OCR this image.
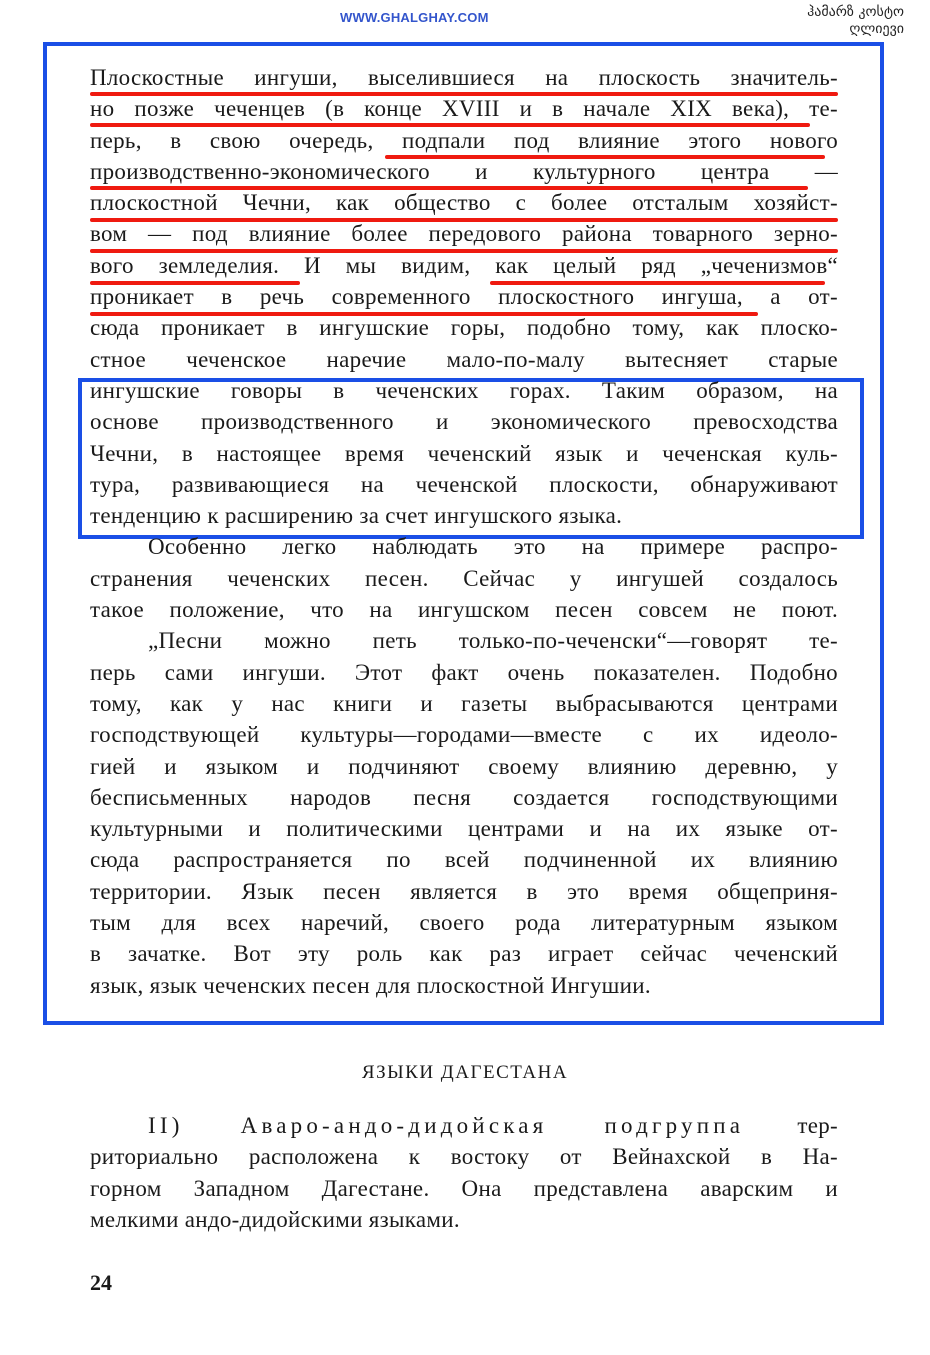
WWW.GHALGHAY.COM	ჰამარზ კოსტო ღლიევი
Плоскостные ингуши, выселившиеся на плоскость значитель-
но позже чеченцев (в конце XVIII и в начале XIX века), те-
перь, в свою очередь, подпали под влияние этого нового
производственно-экономического и культурного центра —
плоскостной Чечни, как общество с более отсталым хозяйст-
вом — под влияние более передового района товарного зерно-
вого земледелия. И мы видим, как целый ряд „чеченизмов“
проникает в речь современного плоскостного ингуша, а от-
сюда проникает в ингушские горы, подобно тому, как плоско-
стное чеченское наречие мало-по-малу вытесняет старые
ингушские говоры в чеченских горах. Таким образом, на
основе производственного и экономического превосходства
Чечни, в настоящее время чеченский язык и чеченская куль-
тура, развивающиеся на чеченской плоскости, обнаруживают
тенденцию к расширению за счет ингушского языка.
Особенно легко наблюдать это на примере распро-
странения чеченских песен. Сейчас у ингушей создалось
такое положение, что на ингушском песен совсем не поют.
„Песни можно петь только-по-чеченски“—говорят те-
перь сами ингуши. Этот факт очень показателен. Подобно
тому, как у нас книги и газеты выбрасываются центрами
господствующей культуры—городами—вместе с их идеоло-
гией и языком и подчиняют своему влиянию деревню, у
бесписьменных народов песня создается господствующими
культурными и политическими центрами и на их языке от-
сюда распространяется по всей подчиненной их влиянию
территории. Язык песен является в это время общеприня-
тым для всех наречий, своего рода литературным языком
в зачатке. Вот эту роль как раз играет сейчас чеченский
язык, язык чеченских песен для плоскостной Ингушии.
ЯЗЫКИ ДАГЕСТАНА
II) Аваро-андо-дидойская подгруппа тер-
риториально расположена к востоку от Вейнахской в На-
горном Западном Дагестане. Она представлена аварским и
мелкими андо-дидойскими языками.
24
